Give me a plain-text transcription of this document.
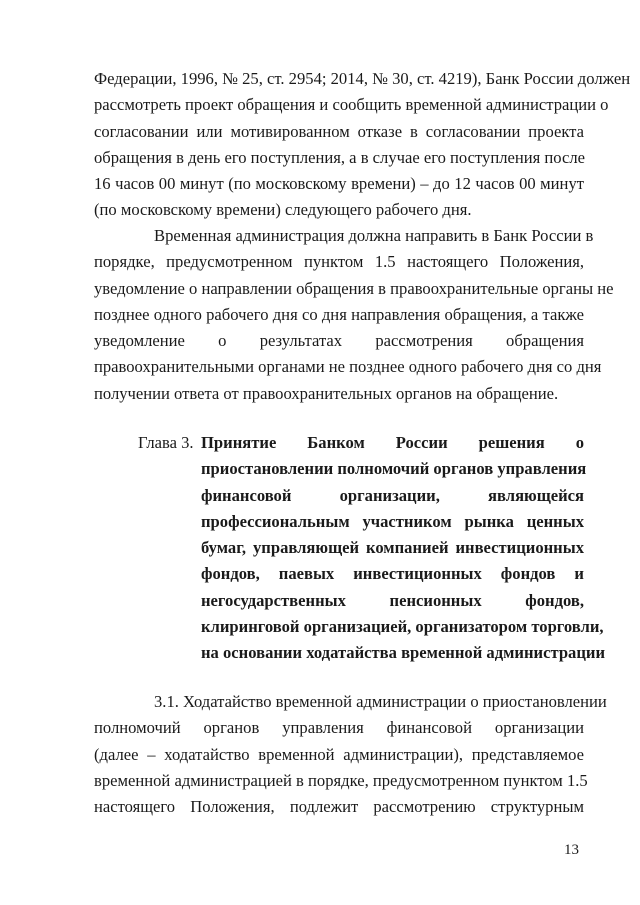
Федерации, 1996, № 25, ст. 2954; 2014, № 30, ст. 4219), Банк России должен
рассмотреть проект обращения и сообщить временной администрации о
согласовании или мотивированном отказе в согласовании проекта
обращения в день его поступления, а в случае его поступления после
16 часов 00 минут (по московскому времени) – до 12 часов 00 минут
(по московскому времени) следующего рабочего дня.
Временная администрация должна направить в Банк России в
порядке, предусмотренном пунктом 1.5 настоящего Положения,
уведомление о направлении обращения в правоохранительные органы не
позднее одного рабочего дня со дня направления обращения, а также
уведомление о результатах рассмотрения обращения
правоохранительными органами не позднее одного рабочего дня со дня
получении ответа от правоохранительных органов на обращение.
Глава 3. Принятие Банком России решения о
приостановлении полномочий органов управления
финансовой организации, являющейся
профессиональным участником рынка ценных
бумаг, управляющей компанией инвестиционных
фондов, паевых инвестиционных фондов и
негосударственных пенсионных фондов,
клиринговой организацией, организатором торговли,
на основании ходатайства временной администрации
3.1. Ходатайство временной администрации о приостановлении
полномочий органов управления финансовой организации
(далее – ходатайство временной администрации), представляемое
временной администрацией в порядке, предусмотренном пунктом 1.5
настоящего Положения, подлежит рассмотрению структурным
13
